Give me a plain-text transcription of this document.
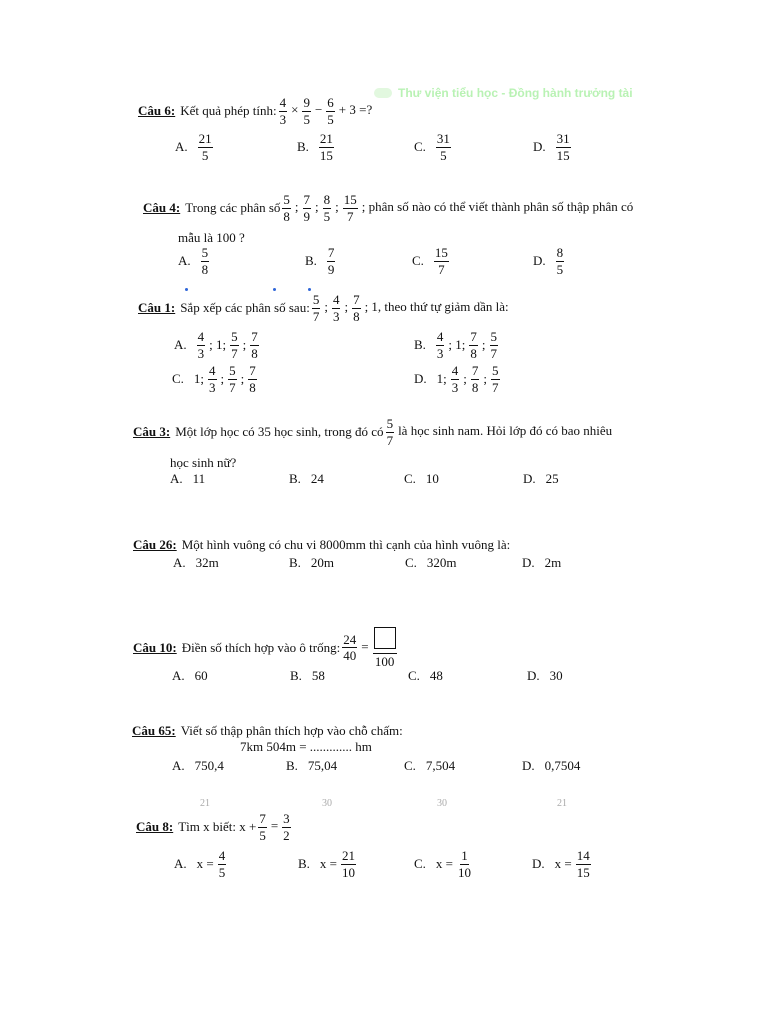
Thư viện tiểu học - Đồng hành trưởng tài
Câu 6: Kết quả phép tính: $\frac{4}{3} \times \frac{9}{5} - \frac{6}{5} + 3$ =?
A. $\frac{21}{5}$	B. $\frac{21}{15}$	C. $\frac{31}{5}$	D. $\frac{31}{15}$
Câu 4: Trong các phân số $\frac{5}{8}$ ; $\frac{7}{9}$ ; $\frac{8}{5}$ ; $\frac{15}{7}$ ; phân số nào có thể viết thành phân số thập phân có
mẫu là 100 ?
A. $\frac{5}{8}$	B. $\frac{7}{9}$	C. $\frac{15}{7}$	D. $\frac{8}{5}$
Câu 1: Sắp xếp các phân số sau: $\frac{5}{7}$ ; $\frac{4}{3}$ ; $\frac{7}{8}$ ; 1, theo thứ tự giảm dần là:
A. $\frac{4}{3}$ ; 1; $\frac{5}{7}$ ; $\frac{7}{8}$	B. $\frac{4}{3}$ ; 1; $\frac{7}{8}$ ; $\frac{5}{7}$
C. 1; $\frac{4}{3}$ ; $\frac{5}{7}$ ; $\frac{7}{8}$	D. 1; $\frac{4}{3}$ ; $\frac{7}{8}$ ; $\frac{5}{7}$
Câu 3: Một lớp học có 35 học sinh, trong đó có $\frac{5}{7}$ là học sinh nam. Hỏi lớp đó có bao nhiêu
học sinh nữ?
A. 11	B. 24	C. 10	D. 25
Câu 26: Một hình vuông có chu vi 8000mm thì cạnh của hình vuông là:
A. 32m	B. 20m	C. 320m	D. 2m
Câu 10: Điền số thích hợp vào ô trống: $\frac{24}{40}$ =
100
A. 60	B. 58	C. 48	D. 30
Câu 65: Viết số thập phân thích hợp vào chỗ chấm:
7km 504m = ............. hm
A. 750,4	B. 75,04	C. 7,504	D. 0,7504
21	30	30	21
Câu 8: Tìm x biết: $x + \frac{7}{5} = \frac{3}{2}$
A. $x = \frac{4}{5}$	B. $x = \frac{21}{10}$	C. $x = \frac{1}{10}$	D. $x = \frac{14}{15}$
